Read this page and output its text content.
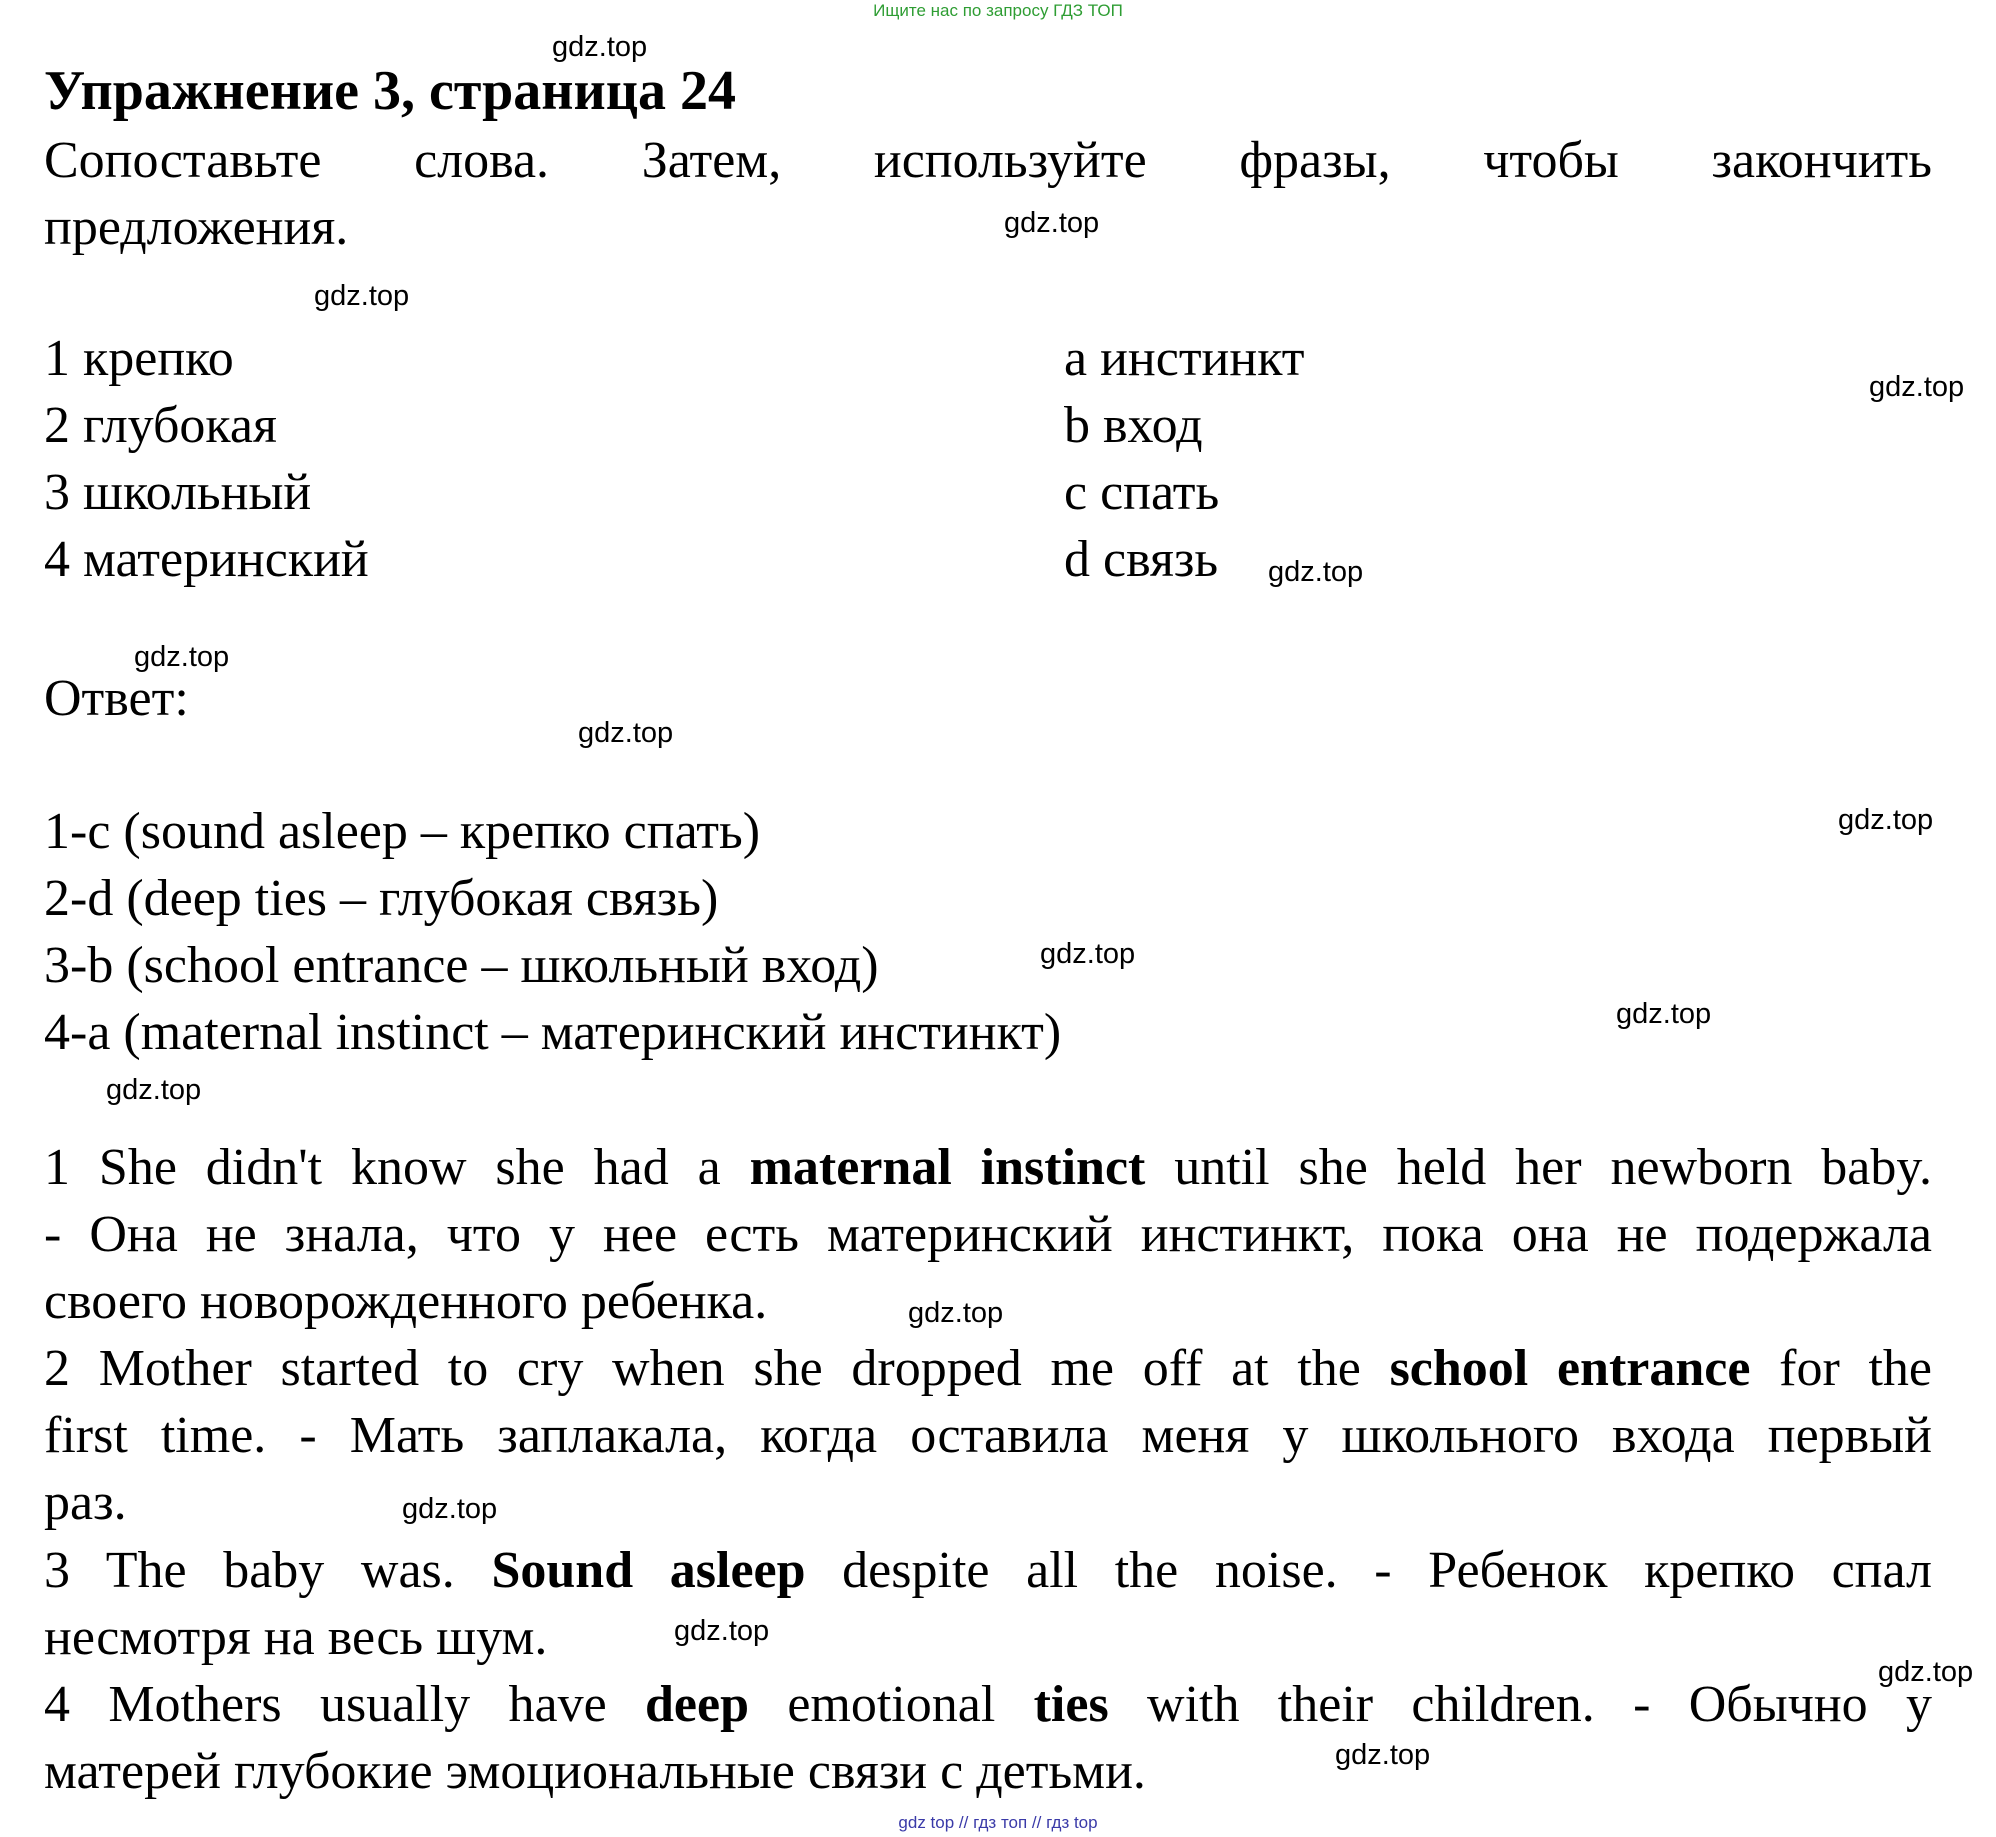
Ищите нас по запросу ГДЗ ТОП
Упражнение 3, страница 24
Сопоставьте слова. Затем, используйте фразы, чтобы закончить
предложения.
1 крепко
2 глубокая
3 школьный
4 материнский
a инстинкт
b вход
c спать
d связь
Ответ:
1-c (sound asleep – крепко спать)
2-d (deep ties – глубокая связь)
3-b (school entrance – школьный вход)
4-a (maternal instinct – материнский инстинкт)
1 She didn't know she had a maternal instinct until she held her newborn baby.
- Она не знала, что у нее есть материнский инстинкт, пока она не подержала
своего новорожденного ребенка.
2 Mother started to cry when she dropped me off at the school entrance for the
first time. - Мать заплакала, когда оставила меня у школьного входа первый
раз.
3 The baby was. Sound asleep despite all the noise. - Ребенок крепко спал
несмотря на весь шум.
4 Mothers usually have deep emotional ties with their children. - Обычно у
матерей глубокие эмоциональные связи с детьми.
gdz.top
gdz.top
gdz.top
gdz.top
gdz.top
gdz.top
gdz.top
gdz.top
gdz.top
gdz.top
gdz.top
gdz.top
gdz.top
gdz.top
gdz.top
gdz.top
gdz top // гдз топ // гдз top
